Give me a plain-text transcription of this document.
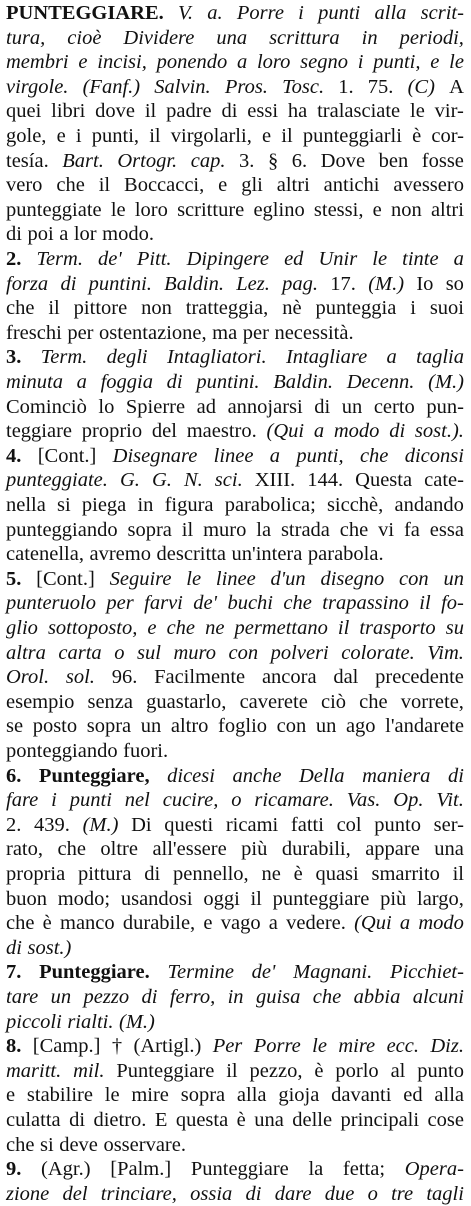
PUNTEGGIARE. V. a. Porre i punti alla scrit-
tura, cioè Dividere una scrittura in periodi,
membri e incisi, ponendo a loro segno i punti, e le
virgole. (Fanf.) Salvin. Pros. Tosc. 1. 75. (C) A
quei libri dove il padre di essi ha tralasciate le vir-
gole, e i punti, il virgolarli, e il punteggiarli è cor-
tesía. Bart. Ortogr. cap. 3. § 6. Dove ben fosse
vero che il Boccacci, e gli altri antichi avessero
punteggiate le loro scritture eglino stessi, e non altri
di poi a lor modo.
2. Term. de' Pitt. Dipingere ed Unir le tinte a
forza di puntini. Baldin. Lez. pag. 17. (M.) Io so
che il pittore non tratteggia, nè punteggia i suoi
freschi per ostentazione, ma per necessità.
3. Term. degli Intagliatori. Intagliare a taglia
minuta a foggia di puntini. Baldin. Decenn. (M.)
Cominciò lo Spierre ad annojarsi di un certo pun-
teggiare proprio del maestro. (Qui a modo di sost.).
4. [Cont.] Disegnare linee a punti, che diconsi
punteggiate. G. G. N. sci. XIII. 144. Questa cate-
nella si piega in figura parabolica; sicchè, andando
punteggiando sopra il muro la strada che vi fa essa
catenella, avremo descritta un'intera parabola.
5. [Cont.] Seguire le linee d'un disegno con un
punteruolo per farvi de' buchi che trapassino il fo-
glio sottoposto, e che ne permettano il trasporto su
altra carta o sul muro con polveri colorate. Vim.
Orol. sol. 96. Facilmente ancora dal precedente
esempio senza guastarlo, caverete ciò che vorrete,
se posto sopra un altro foglio con un ago l'andarete
ponteggiando fuori.
6. Punteggiare, dicesi anche Della maniera di
fare i punti nel cucire, o ricamare. Vas. Op. Vit.
2. 439. (M.) Di questi ricami fatti col punto ser-
rato, che oltre all'essere più durabili, appare una
propria pittura di pennello, ne è quasi smarrito il
buon modo; usandosi oggi il punteggiare più largo,
che è manco durabile, e vago a vedere. (Qui a modo
di sost.)
7. Punteggiare. Termine de' Magnani. Picchiet-
tare un pezzo di ferro, in guisa che abbia alcuni
piccoli rialti. (M.)
8. [Camp.] † (Artigl.) Per Porre le mire ecc. Diz.
maritt. mil. Punteggiare il pezzo, è porlo al punto
e stabilire le mire sopra alla gioja davanti ed alla
culatta di dietro. E questa è una delle principali cose
che si deve osservare.
9. (Agr.) [Palm.] Punteggiare la fetta; Opera-
zione del trinciare, ossia di dare due o tre tagli
